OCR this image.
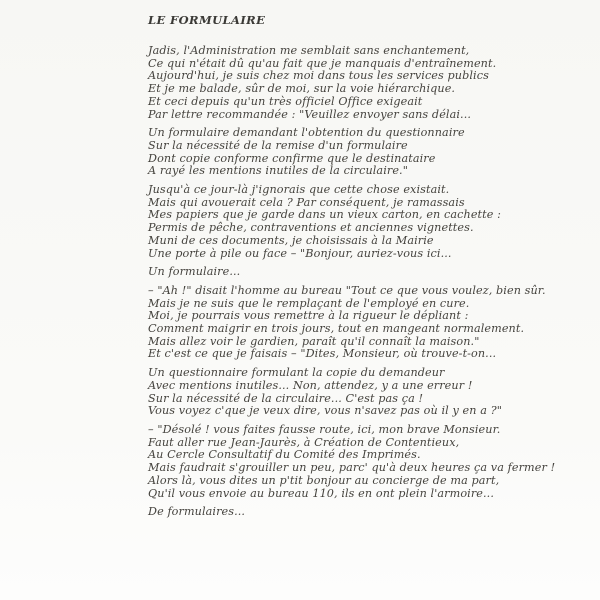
LE FORMULAIRE
Jadis, l'Administration me semblait sans enchantement,
Ce qui n'était dû qu'au fait que je manquais d'entraînement.
Aujourd'hui, je suis chez moi dans tous les services publics
Et je me balade, sûr de moi, sur la voie hiérarchique.
Et ceci depuis qu'un très officiel Office exigeait
Par lettre recommandée : "Veuillez envoyer sans délai...
Un formulaire demandant l'obtention du questionnaire
Sur la nécessité de la remise d'un formulaire
Dont copie conforme confirme que le destinataire
A rayé les mentions inutiles de la circulaire."
Jusqu'à ce jour-là j'ignorais que cette chose existait.
Mais qui avouerait cela ? Par conséquent, je ramassais
Mes papiers que je garde dans un vieux carton, en cachette :
Permis de pêche, contraventions et anciennes vignettes.
Muni de ces documents, je choisissais à la Mairie
Une porte à pile ou face – "Bonjour, auriez-vous ici...
Un formulaire...
– "Ah !" disait l'homme au bureau "Tout ce que vous voulez, bien sûr.
Mais je ne suis que le remplaçant de l'employé en cure.
Moi, je pourrais vous remettre à la rigueur le dépliant :
Comment maigrir en trois jours, tout en mangeant normalement.
Mais allez voir le gardien, paraît qu'il connaît la maison."
Et c'est ce que je faisais – "Dites, Monsieur, où trouve-t-on...
Un questionnaire formulant la copie du demandeur
Avec mentions inutiles... Non, attendez, y a une erreur !
Sur la nécessité de la circulaire... C'est pas ça !
Vous voyez c'que je veux dire, vous n'savez pas où il y en a ?"
– "Désolé ! vous faites fausse route, ici, mon brave Monsieur.
Faut aller rue Jean-Jaurès, à Création de Contentieux,
Au Cercle Consultatif du Comité des Imprimés.
Mais faudrait s'grouiller un peu, parc' qu'à deux heures ça va fermer !
Alors là, vous dites un p'tit bonjour au concierge de ma part,
Qu'il vous envoie au bureau 110, ils en ont plein l'armoire...
De formulaires...
